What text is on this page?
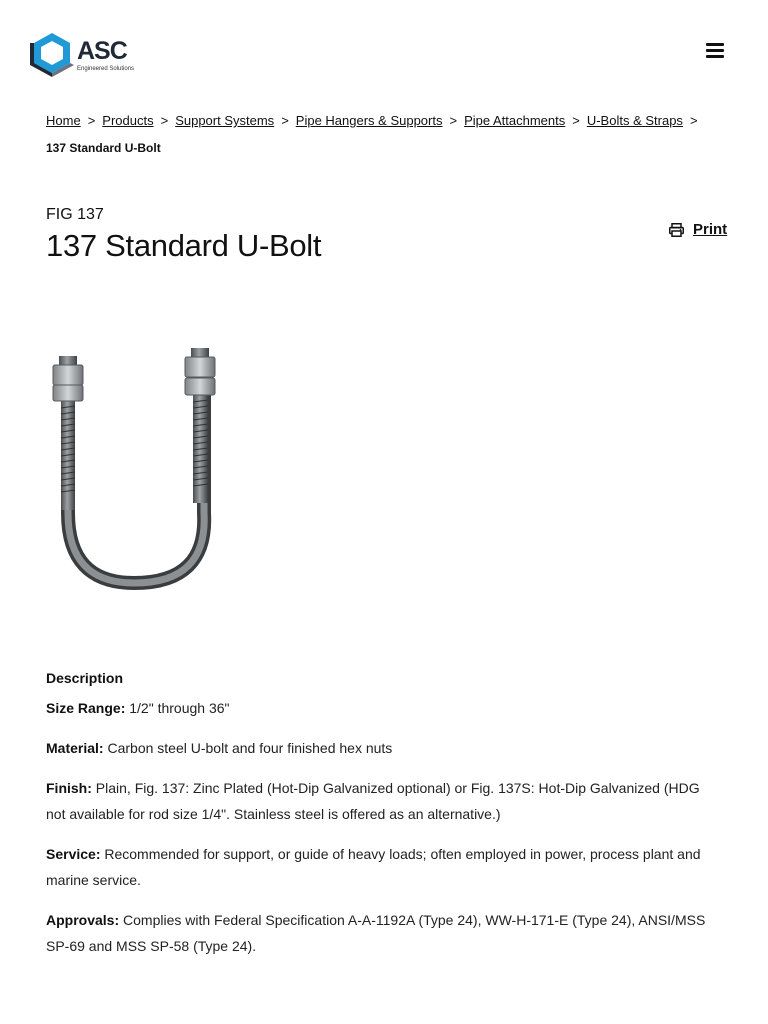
ASC
Engineered Solutions
Home > Products > Support Systems > Pipe Hangers & Supports > Pipe Attachments > U-Bolts & Straps >
137 Standard U-Bolt
FIG 137
137 Standard U-Bolt	Print
Description

Size Range: 1/2" through 36"

Material: Carbon steel U-bolt and four finished hex nuts

Finish: Plain, Fig. 137: Zinc Plated (Hot-Dip Galvanized optional) or Fig. 137S: Hot-Dip Galvanized (HDG not available for rod size 1/4". Stainless steel is offered as an alternative.)

Service: Recommended for support, or guide of heavy loads; often employed in power, process plant and marine service.

Approvals: Complies with Federal Specification A-A-1192A (Type 24), WW-H-171-E (Type 24), ANSI/MSS SP-69 and MSS SP-58 (Type 24).
